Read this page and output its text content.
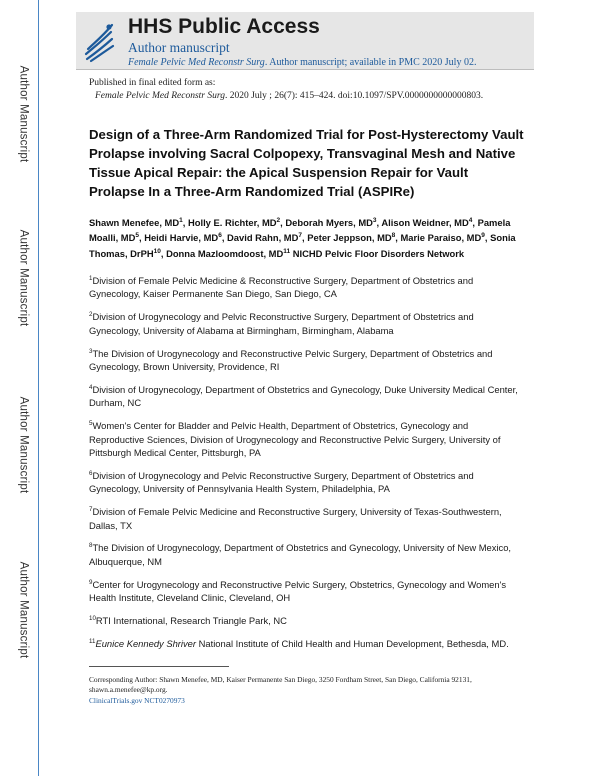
Author Manuscript
Author Manuscript
Author Manuscript
Author Manuscript
HHS Public Access
Author manuscript
Female Pelvic Med Reconstr Surg. Author manuscript; available in PMC 2020 July 02.
Published in final edited form as:
Female Pelvic Med Reconstr Surg. 2020 July ; 26(7): 415–424. doi:10.1097/SPV.0000000000000803.
Design of a Three-Arm Randomized Trial for Post-Hysterectomy Vault Prolapse involving Sacral Colpopexy, Transvaginal Mesh and Native Tissue Apical Repair: the Apical Suspension Repair for Vault Prolapse In a Three-Arm Randomized Trial (ASPIRe)
Shawn Menefee, $MD^1$, Holly E. Richter, $MD^2$, Deborah Myers, $MD^3$, Alison Weidner, $MD^4$, Pamela Moalli, $MD^5$, Heidi Harvie, $MD^6$, David Rahn, $MD^7$, Peter Jeppson, $MD^8$, Marie Paraiso, $MD^9$, Sonia Thomas, DrPH$^{10}$, Donna Mazloomdoost, MD$^{11}$ NICHD Pelvic Floor Disorders Network
$^1$Division of Female Pelvic Medicine & Reconstructive Surgery, Department of Obstetrics and Gynecology, Kaiser Permanente San Diego, San Diego, CA
$^2$Division of Urogynecology and Pelvic Reconstructive Surgery, Department of Obstetrics and Gynecology, University of Alabama at Birmingham, Birmingham, Alabama
$^3$The Division of Urogynecology and Reconstructive Pelvic Surgery, Department of Obstetrics and Gynecology, Brown University, Providence, RI
$^4$Division of Urogynecology, Department of Obstetrics and Gynecology, Duke University Medical Center, Durham, NC
$^5$Women's Center for Bladder and Pelvic Health, Department of Obstetrics, Gynecology and Reproductive Sciences, Division of Urogynecology and Reconstructive Pelvic Surgery, University of Pittsburgh Medical Center, Pittsburgh, PA
$^6$Division of Urogynecology and Pelvic Reconstructive Surgery, Department of Obstetrics and Gynecology, University of Pennsylvania Health System, Philadelphia, PA
$^7$Division of Female Pelvic Medicine and Reconstructive Surgery, University of Texas-Southwestern, Dallas, TX
$^8$The Division of Urogynecology, Department of Obstetrics and Gynecology, University of New Mexico, Albuquerque, NM
$^9$Center for Urogynecology and Reconstructive Pelvic Surgery, Obstetrics, Gynecology and Women's Health Institute, Cleveland Clinic, Cleveland, OH
$^{10}$RTI International, Research Triangle Park, NC
$^{11}$Eunice Kennedy Shriver National Institute of Child Health and Human Development, Bethesda, MD.
Corresponding Author: Shawn Menefee, MD, Kaiser Permanente San Diego, 3250 Fordham Street, San Diego, California 92131, shawn.a.menefee@kp.org.
ClinicalTrials.gov NCT0270973
